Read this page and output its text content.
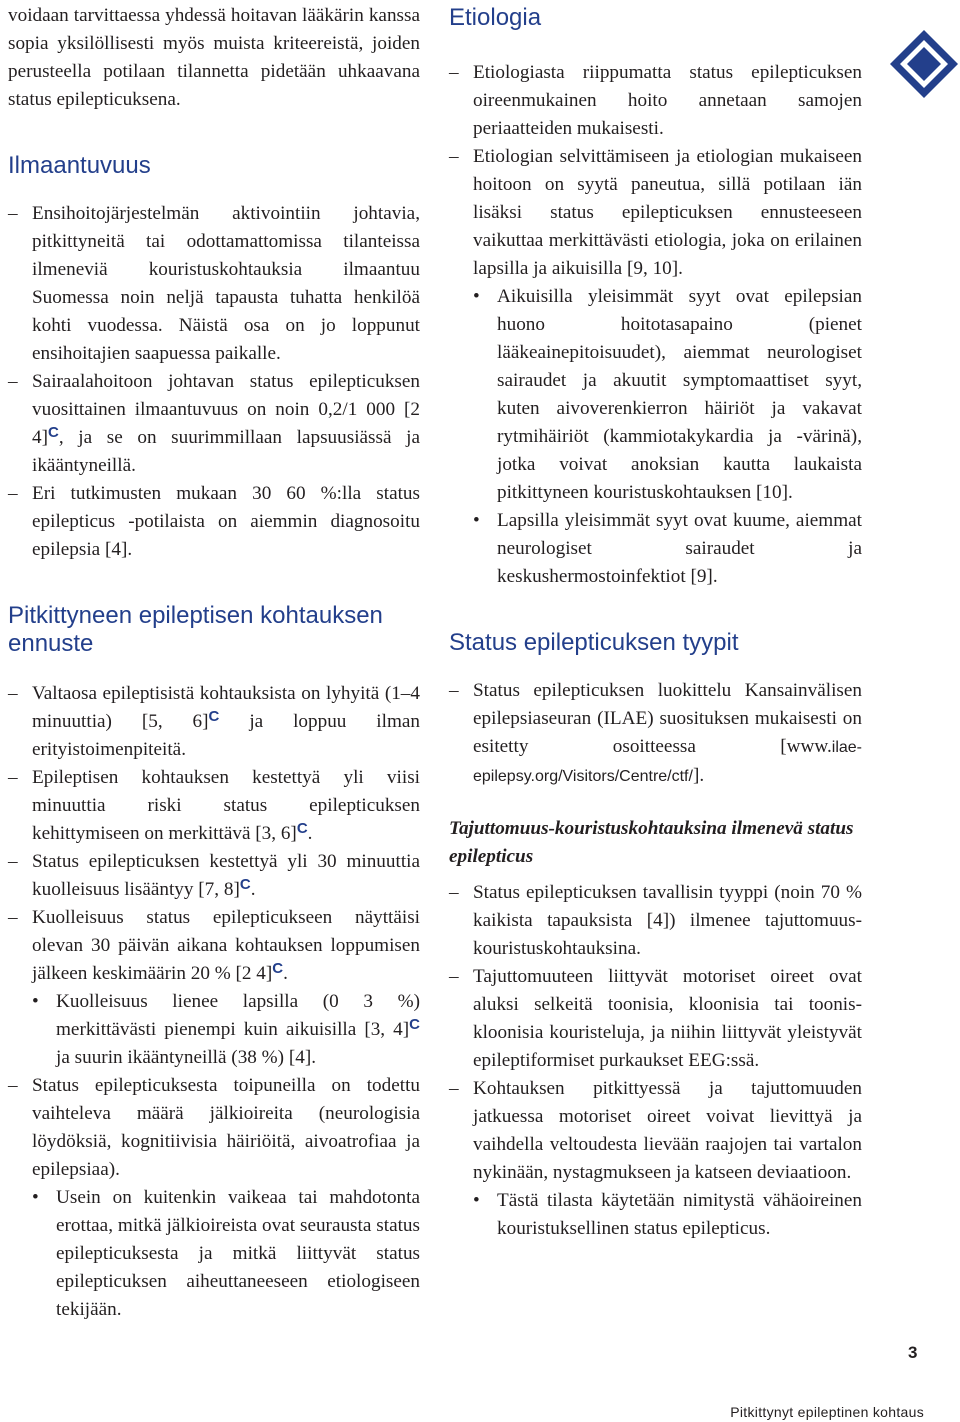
voidaan tarvittaessa yhdessä hoitavan lääkärin kanssa sopia yksilöllisesti myös muista kriteereistä, joiden perusteella potilaan tilannetta pidetään uhkaavana status epilepticuksena.

Ilmaantuvuus
– Ensihoitojärjestelmän aktivointiin johtavia, pitkittyneitä tai odottamattomissa tilanteissa ilmeneviä kouristuskohtauksia ilmaantuu Suomessa noin neljä tapausta tuhatta henkilöä kohti vuodessa. Näistä osa on jo loppunut ensihoitajien saapuessa paikalle.
– Sairaalahoitoon johtavan status epilepticuksen vuosittainen ilmaantuvuus on noin 0,2/1 000 [2 4]$^C$, ja se on suurimmillaan lapsuusiässä ja ikääntyneillä.
– Eri tutkimusten mukaan 30 60 %:lla status epilepticus -potilaista on aiemmin diagnosoitu epilepsia [4].
Pitkittyneen epileptisen kohtauksen ennuste
– Valtaosa epileptisistä kohtauksista on lyhyitä (1–4 minuuttia) [5, 6]$^C$ ja loppuu ilman erityistoimenpiteitä.
– Epileptisen kohtauksen kestettyä yli viisi minuuttia riski status epilepticuksen kehittymiseen on merkittävä [3, 6]$^C$.
– Status epilepticuksen kestettyä yli 30 minuuttia kuolleisuus lisääntyy [7, 8]$^C$.
– Kuolleisuus status epilepticukseen näyttäisi olevan 30 päivän aikana kohtauksen loppumisen jälkeen keskimäärin 20 % [2 4]$^C$.
• Kuolleisuus lienee lapsilla (0 3 %) merkittävästi pienempi kuin aikuisilla [3, 4]$^C$ ja suurin ikääntyneillä (38 %) [4].
– Status epilepticuksesta toipuneilla on todettu vaihteleva määrä jälkioireita (neurologisia löydöksiä, kognitiivisia häiriöitä, aivoatrofiaa ja epilepsiaa).
• Usein on kuitenkin vaikeaa tai mahdotonta erottaa, mitkä jälkioireista ovat seurausta status epilepticuksesta ja mitkä liittyvät status epilepticuksen aiheuttaneeseen etiologiseen tekijään.
Etiologia
– Etiologiasta riippumatta status epilepticuksen oireenmukainen hoito annetaan samojen periaatteiden mukaisesti.
– Etiologian selvittämiseen ja etiologian mukaiseen hoitoon on syytä paneutua, sillä potilaan iän lisäksi status epilepticuksen ennusteeseen vaikuttaa merkittävästi etiologia, joka on erilainen lapsilla ja aikuisilla [9, 10].
• Aikuisilla yleisimmät syyt ovat epilepsian huono hoitotasapaino (pienet lääkeainepitoisuudet), aiemmat neurologiset sairaudet ja akuutit symptomaattiset syyt, kuten aivoverenkierron häiriöt ja vakavat rytmihäiriöt (kammiotakykardia ja -värinä), jotka voivat anoksian kautta laukaista pitkittyneen kouristuskohtauksen [10].
• Lapsilla yleisimmät syyt ovat kuume, aiemmat neurologiset sairaudet ja keskushermostoinfektiot [9].
Status epilepticuksen tyypit
– Status epilepticuksen luokittelu Kansainvälisen epilepsiaseuran (ILAE) suosituksen mukaisesti on esitetty osoitteessa [www.ilae-epilepsy.org/Visitors/Centre/ctf/].
Tajuttomuus-kouristuskohtauksina ilmenevä status epilepticus
– Status epilepticuksen tavallisin tyyppi (noin 70 % kaikista tapauksista [4]) ilmenee tajuttomuus-kouristuskohtauksina.
– Tajuttomuuteen liittyvät motoriset oireet ovat aluksi selkeitä toonisia, kloonisia tai toonis-kloonisia kouristeluja, ja niihin liittyvät yleistyvät epileptiformiset purkaukset EEG:ssä.
– Kohtauksen pitkittyessä ja tajuttomuuden jatkuessa motoriset oireet voivat lievittyä ja vaihdella veltoudesta lievään raajojen tai vartalon nykinään, nystagmukseen ja katseen deviaatioon.
• Tästä tilasta käytetään nimitystä vähäoireinen kouristuksellinen status epilepticus.
3
Pitkittynyt epileptinen kohtaus
